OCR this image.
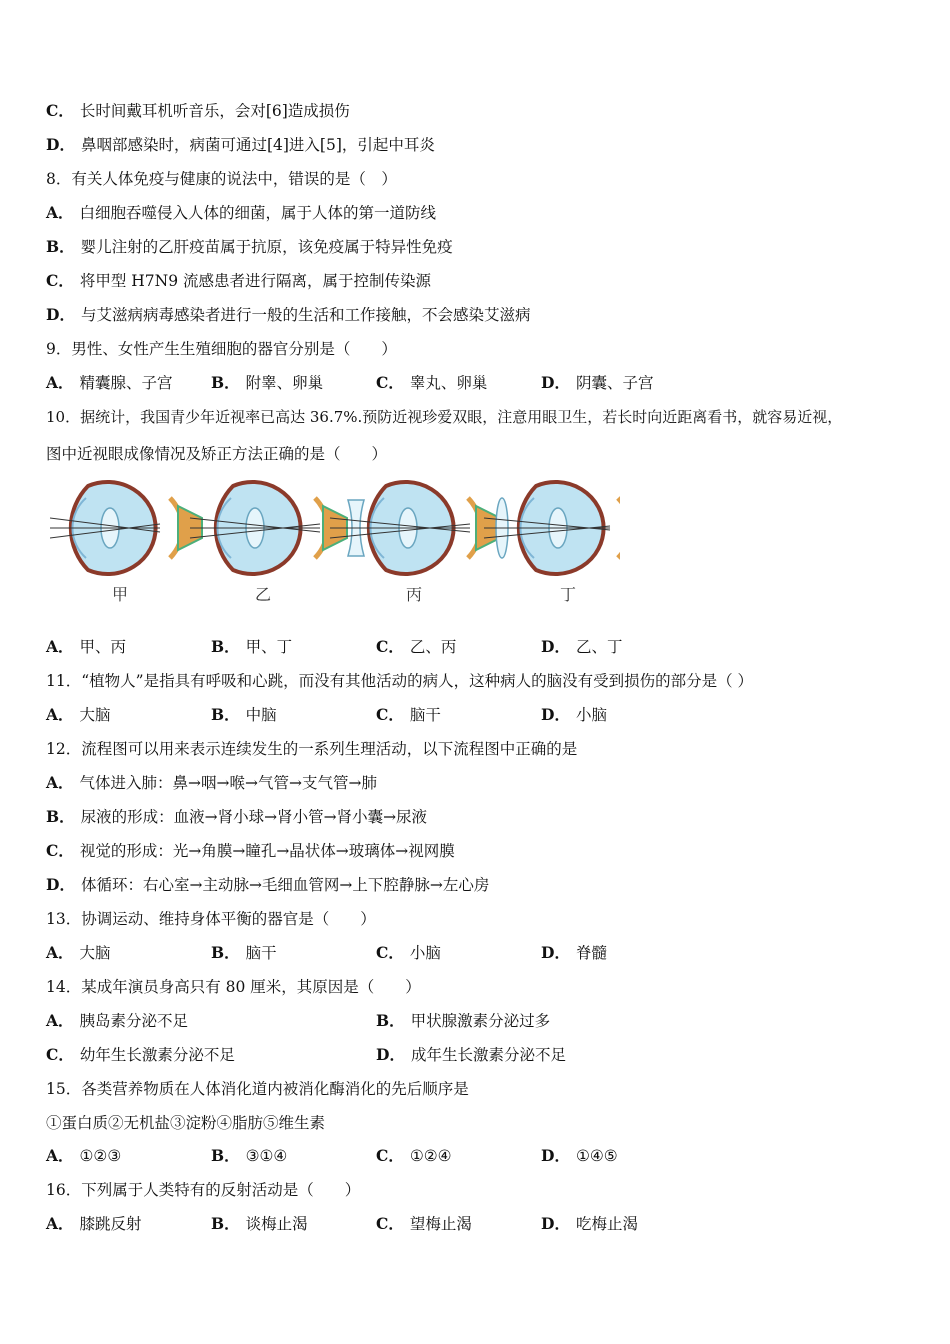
C． 长时间戴耳机听音乐，会对[6]造成损伤
D． 鼻咽部感染时，病菌可通过[4]进入[5]，引起中耳炎
8．有关人体免疫与健康的说法中，错误的是（　）
A． 白细胞吞噬侵入人体的细菌，属于人体的第一道防线
B． 婴儿注射的乙肝疫苗属于抗原，该免疫属于特异性免疫
C． 将甲型 H7N9 流感患者进行隔离，属于控制传染源
D． 与艾滋病病毒感染者进行一般的生活和工作接触，不会感染艾滋病
9．男性、女性产生生殖细胞的器官分别是（　　）
A． 精囊腺、子宫 B． 附睾、卵巢	C． 睾丸、卵巢	D． 阴囊、子宫
10．据统计，我国青少年近视率已高达 36.7%.预防近视珍爱双眼，注意用眼卫生，若长时向近距离看书，就容易近视，
图中近视眼成像情况及矫正方法正确的是（　　）
甲	乙	丙	丁
A． 甲、丙	B． 甲、丁	C． 乙、丙	D． 乙、丁
11．“植物人”是指具有呼吸和心跳，而没有其他活动的病人，这种病人的脑没有受到损伤的部分是（ ）
A． 大脑	B． 中脑	C． 脑干	D． 小脑
12．流程图可以用来表示连续发生的一系列生理活动，以下流程图中正确的是
A． 气体进入肺：鼻→咽→喉→气管→支气管→肺
B． 尿液的形成：血液→肾小球→肾小管→肾小囊→尿液
C． 视觉的形成：光→角膜→瞳孔→晶状体→玻璃体→视网膜
D． 体循环：右心室→主动脉→毛细血管网→上下腔静脉→左心房
13．协调运动、维持身体平衡的器官是（　　）
A． 大脑	B． 脑干	C． 小脑	D． 脊髓
14．某成年演员身高只有 80 厘米，其原因是（　　）
A． 胰岛素分泌不足	B． 甲状腺激素分泌过多
C． 幼年生长激素分泌不足	D． 成年生长激素分泌不足
15．各类营养物质在人体消化道内被消化酶消化的先后顺序是
①蛋白质②无机盐③淀粉④脂肪⑤维生素
A． ①②③	B． ③①④	C． ①②④	D． ①④⑤
16．下列属于人类特有的反射活动是（　　）
A． 膝跳反射	B． 谈梅止渴	C． 望梅止渴	D． 吃梅止渴
